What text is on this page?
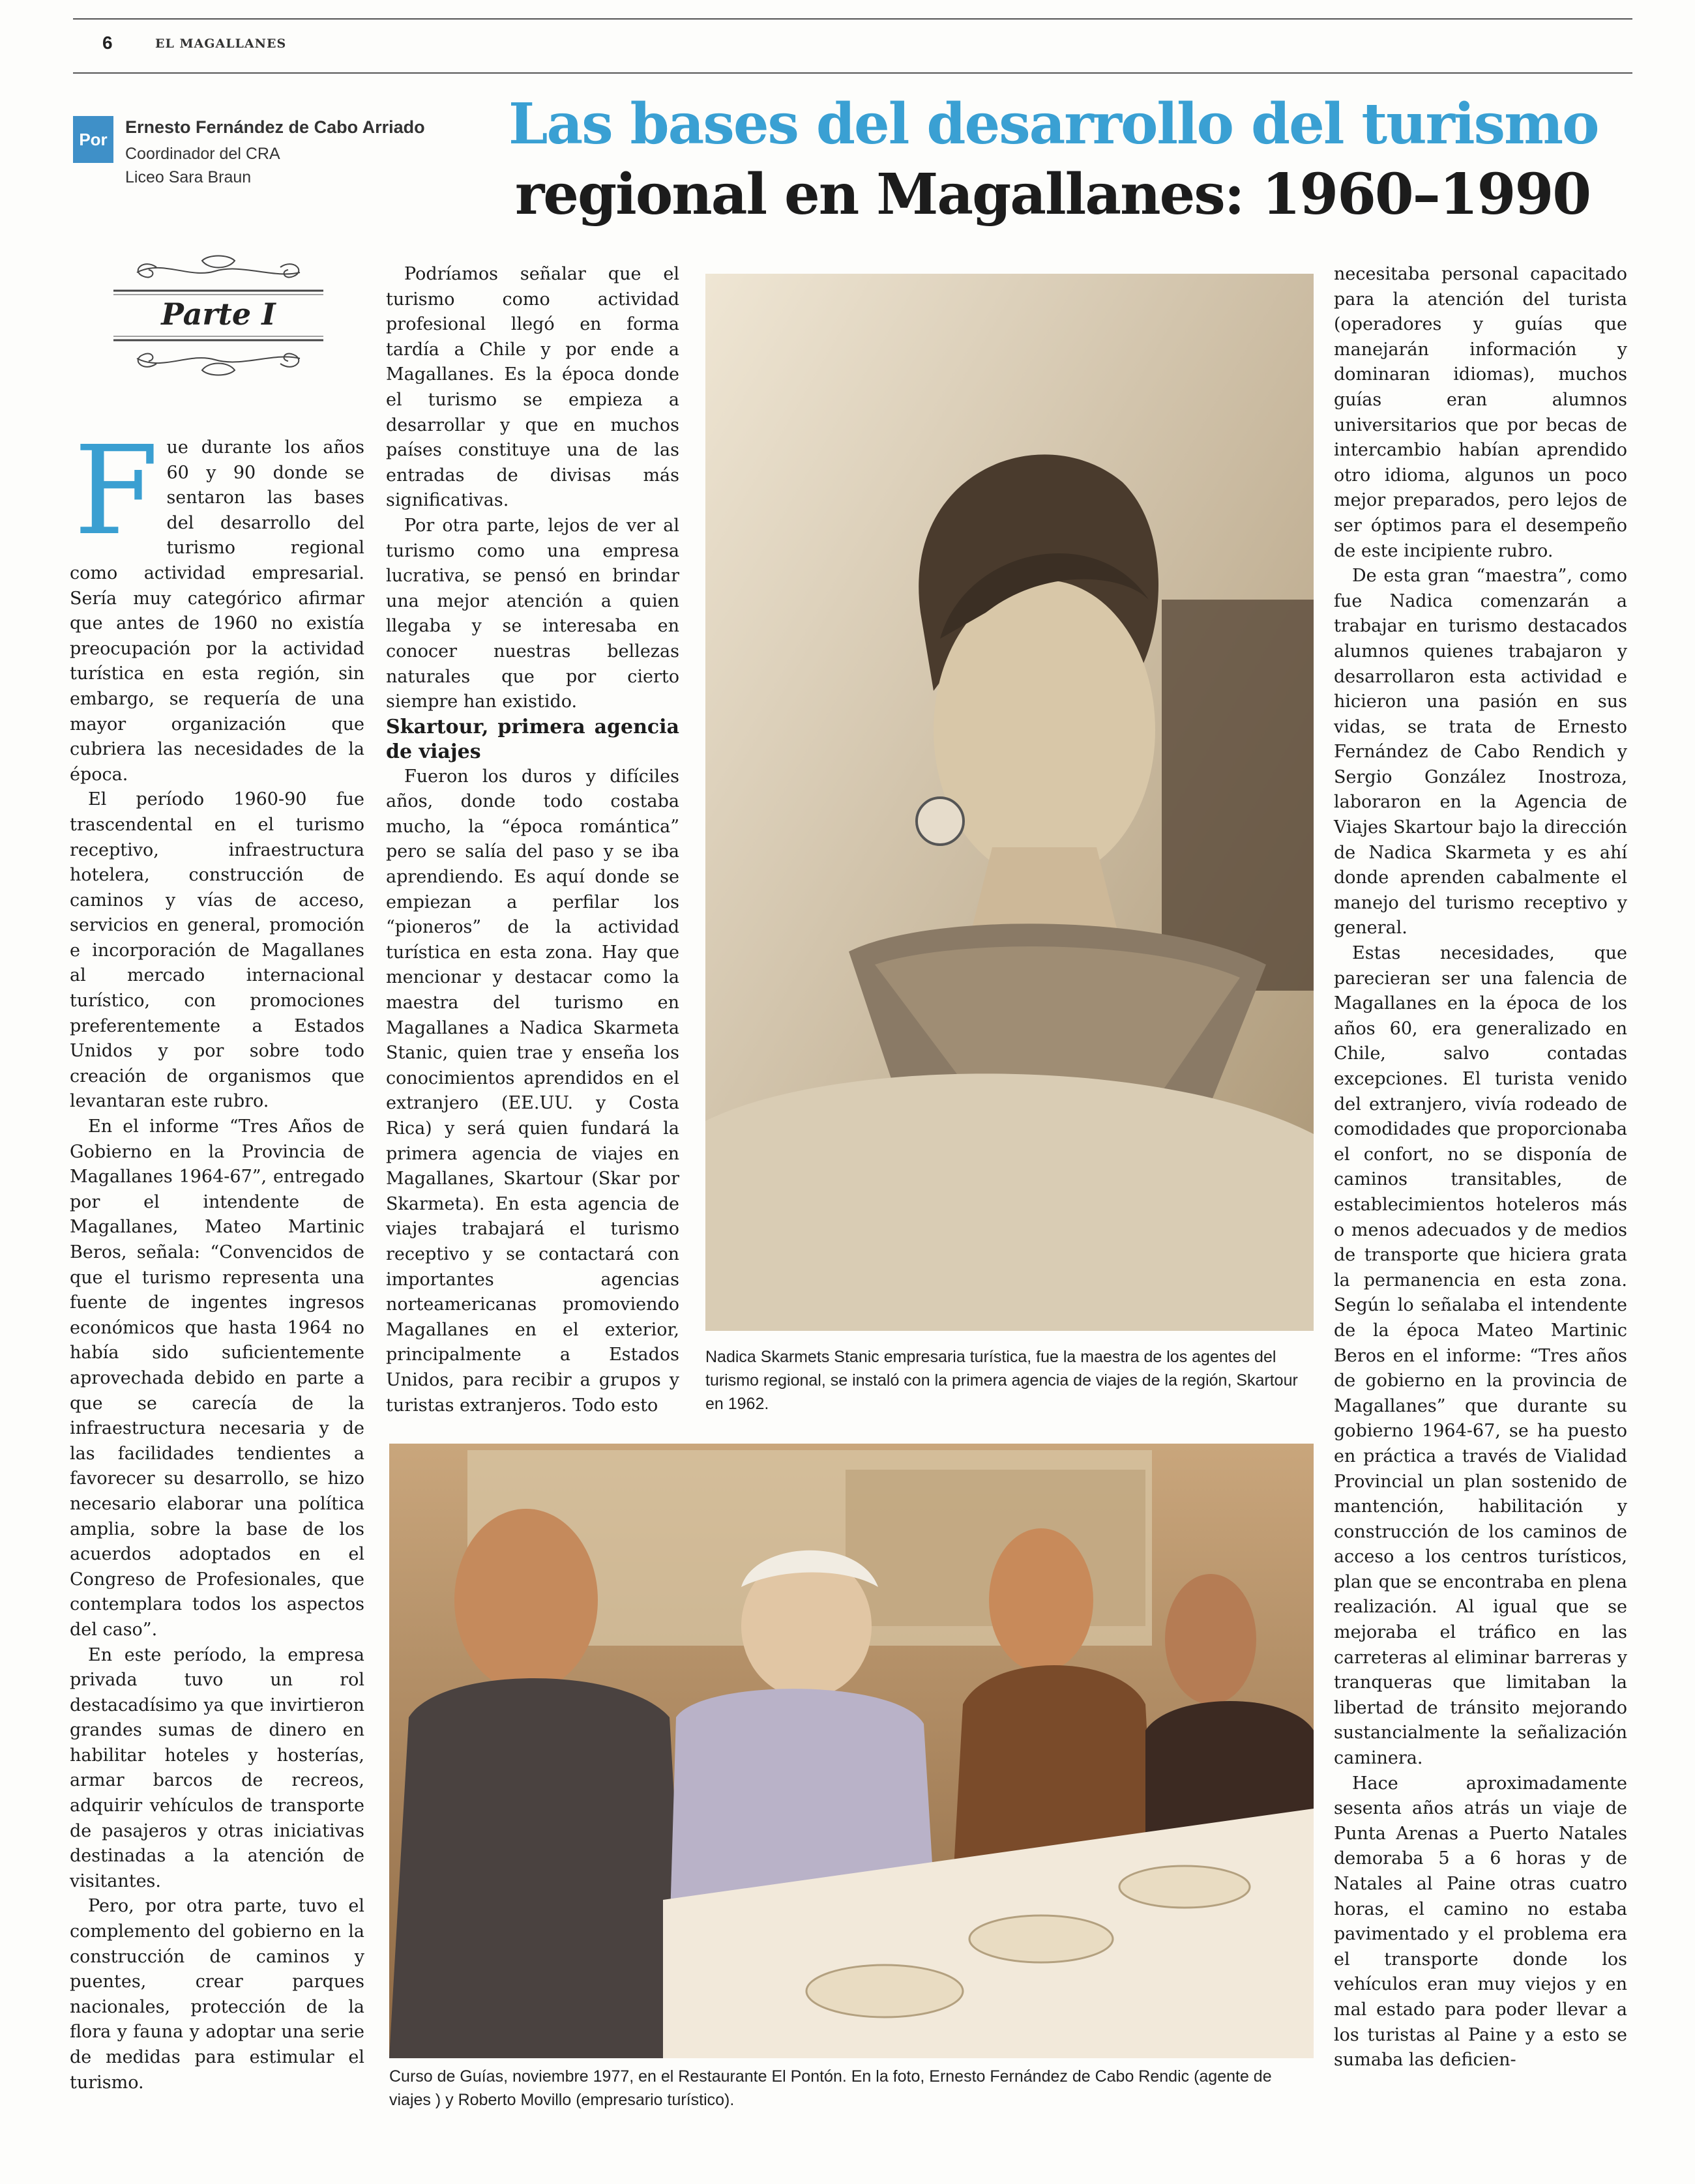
6	EL MAGALLANES
Por
Ernesto Fernández de Cabo Arriado
Coordinador del CRA
Liceo Sara Braun
Las bases del desarrollo del turismo
regional en Magallanes: 1960–1990
Parte I

Fue durante los años 60 y 90 donde se sentaron las bases del desarrollo del turismo regional como actividad empresarial. Sería muy categórico afirmar que antes de 1960 no existía preocupación por la actividad turística en esta región, sin embargo, se requería de una mayor organización que cubriera las necesidades de la época.

El período 1960-90 fue trascendental en el turismo receptivo, infraestructura hotelera, construcción de caminos y vías de acceso, servicios en general, promoción e incorporación de Magallanes al mercado internacional turístico, con promociones preferentemente a Estados Unidos y por sobre todo creación de organismos que levantaran este rubro.

En el informe “Tres Años de Gobierno en la Provincia de Magallanes 1964-67”, entregado por el intendente de Magallanes, Mateo Martinic Beros, señala: “Convencidos de que el turismo representa una fuente de ingentes ingresos económicos que hasta 1964 no había sido suficientemente aprovechada debido en parte a que se carecía de la infraestructura necesaria y de las facilidades tendientes a favorecer su desarrollo, se hizo necesario elaborar una política amplia, sobre la base de los acuerdos adoptados en el Congreso de Profesionales, que contemplara todos los aspectos del caso”.

En este período, la empresa privada tuvo un rol destacadísimo ya que invirtieron grandes sumas de dinero en habilitar hoteles y hosterías, armar barcos de recreos, adquirir vehículos de transporte de pasajeros y otras iniciativas destinadas a la atención de visitantes.

Pero, por otra parte, tuvo el complemento del gobierno en la construcción de caminos y puentes, crear parques nacionales, protección de la flora y fauna y adoptar una serie de medidas para estimular el turismo.

Podríamos señalar que el turismo como actividad profesional llegó en forma tardía a Chile y por ende a Magallanes. Es la época donde el turismo se empieza a desarrollar y que en muchos países constituye una de las entradas de divisas más significativas.

Por otra parte, lejos de ver al turismo como una empresa lucrativa, se pensó en brindar una mejor atención a quien llegaba y se interesaba en conocer nuestras bellezas naturales que por cierto siempre han existido.

Skartour, primera agencia de viajes

Fueron los duros y difíciles años, donde todo costaba mucho, la “época romántica” pero se salía del paso y se iba aprendiendo. Es aquí donde se empiezan a perfilar los “pioneros” de la actividad turística en esta zona. Hay que mencionar y destacar como la maestra del turismo en Magallanes a Nadica Skarmeta Stanic, quien trae y enseña los conocimientos aprendidos en el extranjero (EE.UU. y Costa Rica) y será quien fundará la primera agencia de viajes en Magallanes, Skartour (Skar por Skarmeta). En esta agencia de viajes trabajará el turismo receptivo y se contactará con importantes agencias norteamericanas promoviendo Magallanes en el exterior, principalmente a Estados Unidos, para recibir a grupos y turistas extranjeros. Todo esto

Nadica Skarmets Stanic empresaria turística, fue la maestra de los agentes del turismo regional, se instaló con la primera agencia de viajes de la región, Skartour en 1962.
Curso de Guías, noviembre 1977, en el Restaurante El Pontón. En la foto, Ernesto Fernández de Cabo Rendic (agente de viajes ) y Roberto Movillo (empresario turístico).

necesitaba personal capacitado para la atención del turista (operadores y guías que manejarán información y dominaran idiomas), muchos guías eran alumnos universitarios que por becas de intercambio habían aprendido otro idioma, algunos un poco mejor preparados, pero lejos de ser óptimos para el desempeño de este incipiente rubro.

De esta gran “maestra”, como fue Nadica comenzarán a trabajar en turismo destacados alumnos quienes trabajaron y desarrollaron esta actividad e hicieron una pasión en sus vidas, se trata de Ernesto Fernández de Cabo Rendich y Sergio González Inostroza, laboraron en la Agencia de Viajes Skartour bajo la dirección de Nadica Skarmeta y es ahí donde aprenden cabalmente el manejo del turismo receptivo y general.

Estas necesidades, que parecieran ser una falencia de Magallanes en la época de los años 60, era generalizado en Chile, salvo contadas excepciones. El turista venido del extranjero, vivía rodeado de comodidades que proporcionaba el confort, no se disponía de caminos transitables, de establecimientos hoteleros más o menos adecuados y de medios de transporte que hiciera grata la permanencia en esta zona. Según lo señalaba el intendente de la época Mateo Martinic Beros en el informe: “Tres años de gobierno en la provincia de Magallanes” que durante su gobierno 1964-67, se ha puesto en práctica a través de Vialidad Provincial un plan sostenido de mantención, habilitación y construcción de los caminos de acceso a los centros turísticos, plan que se encontraba en plena realización. Al igual que se mejoraba el tráfico en las carreteras al eliminar barreras y tranqueras que limitaban la libertad de tránsito mejorando sustancialmente la señalización caminera.

Hace aproximadamente sesenta años atrás un viaje de Punta Arenas a Puerto Natales demoraba 5 a 6 horas y de Natales al Paine otras cuatro horas, el camino no estaba pavimentado y el problema era el transporte donde los vehículos eran muy viejos y en mal estado para poder llevar a los turistas al Paine y a esto se sumaba las deficien-
